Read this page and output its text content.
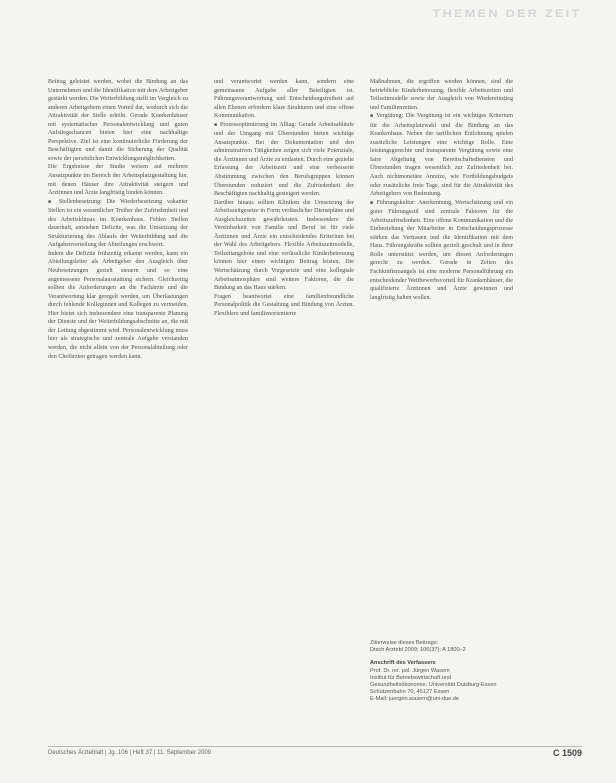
THEMEN DER ZEIT

Beitrag geleistet werden, wobei die Bindung an das Unternehmen und die Identifikation mit dem Arbeitgeber gestärkt werden. Die Weiterbildung stellt im Vergleich zu anderen Arbeitgebern einen Vorteil dar, wodurch sich die Attraktivität der Stelle erhöht. Gerade Krankenhäuser mit systematischer Personalentwicklung und guten Aufstiegschancen bieten hier eine nachhaltige Perspektive. Ziel ist eine kontinuierliche Förderung der Beschäftigten und damit die Sicherung der Qualität sowie der persönlichen Entwicklungsmöglichkeiten.

Die Ergebnisse der Studie weisen auf mehrere Ansatzpunkte im Bereich der Arbeitsplatzgestaltung hin, mit denen Häuser ihre Attraktivität steigern und Ärztinnen und Ärzte langfristig binden können.

■ Stellenbesetzung: Die Wiederbesetzung vakanter Stellen ist ein wesentlicher Treiber der Zufriedenheit und des Arbeitsklimas im Krankenhaus. Fehlen Stellen dauerhaft, entstehen Defizite, was die Umsetzung der Strukturierung des Ablaufs der Weiterbildung und die Aufgabenverteilung der Abteilungen erschwert.

Indem die Defizite frühzeitig erkannt werden, kann ein Abteilungsleiter als Arbeitgeber den Ausgleich über Neubesetzungen gezielt steuern und so eine angemessene Personalausstattung sichern. Gleichzeitig sollten die Anforderungen an die Fachärzte und die Verantwortung klar geregelt werden, um Überlastungen durch fehlende Kolleginnen und Kollegen zu vermeiden. Hier bietet sich insbesondere eine transparente Planung der Dienste und der Weiterbildungsabschnitte an, die mit der Leitung abgestimmt wird. Personalentwicklung muss hier als strategische und zentrale Aufgabe verstanden werden, die nicht allein von der Personalabteilung oder den Chefärzten getragen werden kann.

und verantwortet werden kann, sondern eine gemeinsame Aufgabe aller Beteiligten ist. Führungsverantwortung und Entscheidungsfreiheit auf allen Ebenen erfordern klare Strukturen und eine offene Kommunikation.

■ Prozessoptimierung im Alltag: Gerade Arbeitsabläufe und der Umgang mit Überstunden bieten wichtige Ansatzpunkte. Bei der Dokumentation und den administrativen Tätigkeiten zeigen sich viele Potenziale, die Ärztinnen und Ärzte zu entlasten. Durch eine gezielte Erfassung der Arbeitszeit und eine verbesserte Abstimmung zwischen den Berufsgruppen können Überstunden reduziert und die Zufriedenheit der Beschäftigten nachhaltig gesteigert werden.

Darüber hinaus sollten Kliniken die Umsetzung der Arbeitszeitgesetze in Form verlässlicher Dienstpläne und Ausgleichszeiten gewährleisten. Insbesondere die Vereinbarkeit von Familie und Beruf ist für viele Ärztinnen und Ärzte ein entscheidendes Kriterium bei der Wahl des Arbeitgebers. Flexible Arbeitszeitmodelle, Teilzeitangebote und eine verlässliche Kinderbetreuung können hier einen wichtigen Beitrag leisten. Die Wertschätzung durch Vorgesetzte und eine kollegiale Arbeitsatmosphäre sind weitere Faktoren, die die Bindung an das Haus stärken.

Fragen beantwortet eine familienfreundliche Personalpolitik die Gestaltung und Bindung von Ärzten. Flexiblere und familienorientierte

Maßnahmen, die ergriffen werden können, sind die betriebliche Kinderbetreuung, flexible Arbeitszeiten und Teilzeitmodelle sowie der Ausgleich von Wiedereinstieg und Familienzeiten.

■ Vergütung: Die Vergütung ist ein wichtiges Kriterium für die Arbeitsplatzwahl und die Bindung an das Krankenhaus. Neben der tariflichen Entlohnung spielen zusätzliche Leistungen eine wichtige Rolle. Eine leistungsgerechte und transparente Vergütung sowie eine faire Abgeltung von Bereitschaftsdiensten und Überstunden tragen wesentlich zur Zufriedenheit bei. Auch nichtmonetäre Anreize, wie Fortbildungsbudgets oder zusätzliche freie Tage, sind für die Attraktivität des Arbeitgebers von Bedeutung.

■ Führungskultur: Anerkennung, Wertschätzung und ein guter Führungsstil sind zentrale Faktoren für die Arbeitszufriedenheit. Eine offene Kommunikation und die Einbeziehung der Mitarbeiter in Entscheidungsprozesse stärken das Vertrauen und die Identifikation mit dem Haus. Führungskräfte sollten gezielt geschult und in ihrer Rolle unterstützt werden, um diesen Anforderungen gerecht zu werden. Gerade in Zeiten des Fachkräftemangels ist eine moderne Personalführung ein entscheidender Wettbewerbsvorteil für Krankenhäuser, die qualifizierte Ärztinnen und Ärzte gewinnen und langfristig halten wollen.

Zitierweise dieses Beitrags:
Dtsch Arztebl 2009; 106(37): A 1800–2
Anschrift des Verfassers
Prof. Dr. rer. pol. Jürgen Wasem
Institut für Betriebswirtschaft und
Gesundheitsökonomie, Universität Duisburg-Essen
Schützenbahn 70, 45127 Essen
E-Mail: juergen.wasem@uni-due.de
Deutsches Ärzteblatt | Jg. 106 | Heft 37 | 11. September 2009	C 1509
